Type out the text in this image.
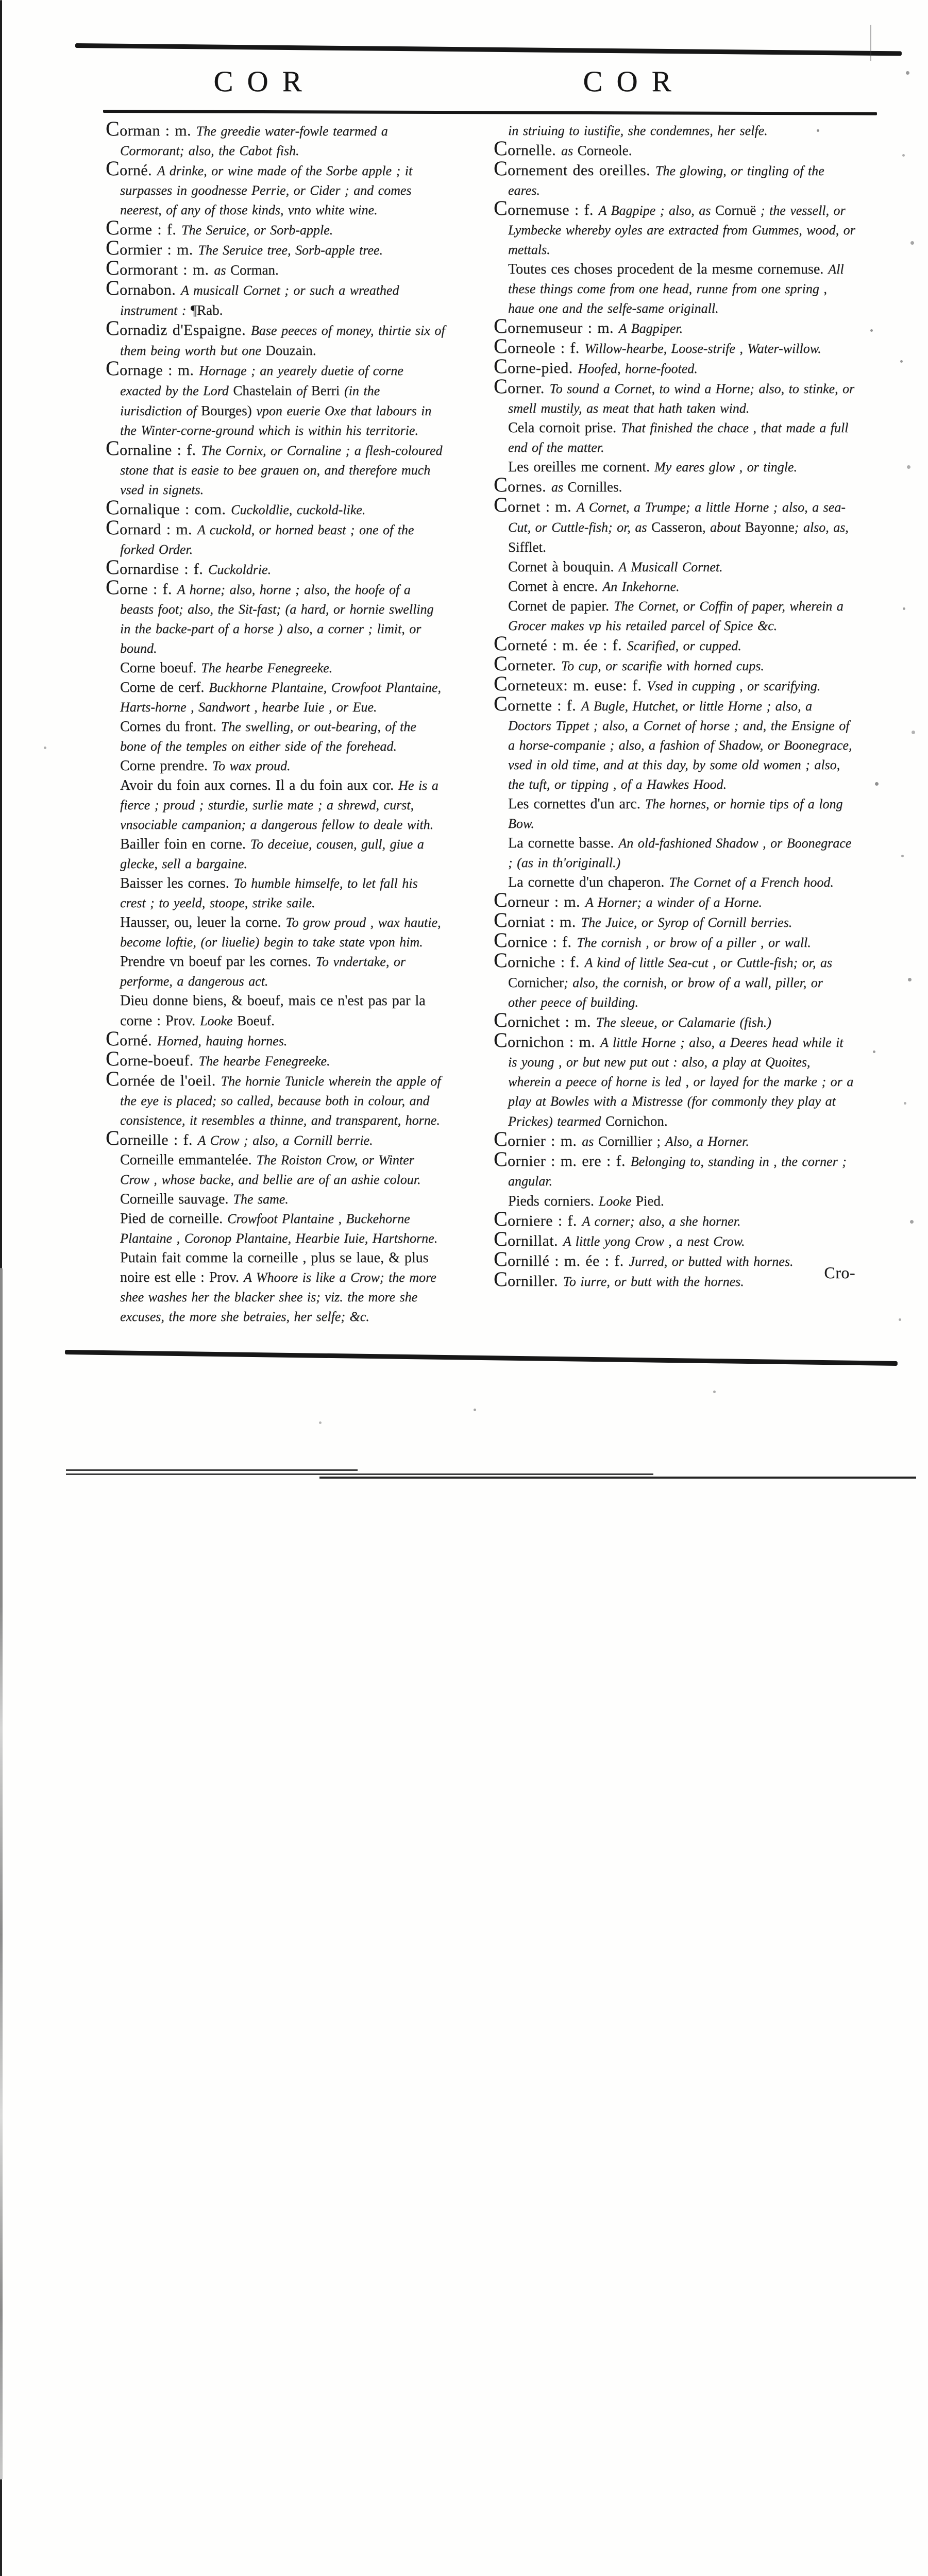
COR	COR

Corman : m. The greedie water-fowle tearmed a Cormorant; also, the Cabot fish.

Corné. A drinke, or wine made of the Sorbe apple ; it surpasses in goodnesse Perrie, or Cider ; and comes neerest, of any of those kinds, vnto white wine.

Corme : f. The Seruice, or Sorb-apple.

Cormier : m. The Seruice tree, Sorb-apple tree.

Cormorant : m. as Corman.

Cornabon. A musicall Cornet ; or such a wreathed instrument : ¶Rab.

Cornadiz d'Espaigne. Base peeces of money, thirtie six of them being worth but one Douzain.

Cornage : m. Hornage ; an yearely duetie of corne exacted by the Lord Chastelain of Berri (in the iurisdiction of Bourges) vpon euerie Oxe that labours in the Winter-corne-ground which is within his territorie.

Cornaline : f. The Cornix, or Cornaline ; a flesh-coloured stone that is easie to bee grauen on, and therefore much vsed in signets.

Cornalique : com. Cuckoldlie, cuckold-like.

Cornard : m. A cuckold, or horned beast ; one of the forked Order.

Cornardise : f. Cuckoldrie.

Corne : f. A horne; also, horne ; also, the hoofe of a beasts foot; also, the Sit-fast; (a hard, or hornie swelling in the backe-part of a horse ) also, a corner ; limit, or bound.

Corne boeuf. The hearbe Fenegreeke.

Corne de cerf. Buckhorne Plantaine, Crowfoot Plantaine, Harts-horne , Sandwort , hearbe Iuie , or Eue.

Cornes du front. The swelling, or out-bearing, of the bone of the temples on either side of the forehead.

Corne prendre. To wax proud.

Avoir du foin aux cornes. Il a du foin aux cor. He is a fierce ; proud ; sturdie, surlie mate ; a shrewd, curst, vnsociable campanion; a dangerous fellow to deale with.

Bailler foin en corne. To deceiue, cousen, gull, giue a glecke, sell a bargaine.

Baisser les cornes. To humble himselfe, to let fall his crest ; to yeeld, stoope, strike saile.

Hausser, ou, leuer la corne. To grow proud , wax hautie, become loftie, (or liuelie) begin to take state vpon him.

Prendre vn boeuf par les cornes. To vndertake, or performe, a dangerous act.

Dieu donne biens, & boeuf, mais ce n'est pas par la corne : Prov. Looke Boeuf.

Corné. Horned, hauing hornes.

Corne-boeuf. The hearbe Fenegreeke.

Cornée de l'oeil. The hornie Tunicle wherein the apple of the eye is placed; so called, because both in colour, and consistence, it resembles a thinne, and transparent, horne.

Corneille : f. A Crow ; also, a Cornill berrie.

Corneille emmantelée. The Roiston Crow, or Winter Crow , whose backe, and bellie are of an ashie colour.

Corneille sauvage. The same.

Pied de corneille. Crowfoot Plantaine , Buckehorne Plantaine , Coronop Plantaine, Hearbie Iuie, Hartshorne.

Putain fait comme la corneille , plus se laue, & plus noire est elle : Prov. A Whoore is like a Crow; the more shee washes her the blacker shee is; viz. the more she excuses, the more she betraies, her selfe; &c.

in striuing to iustifie, she condemnes, her selfe.

Cornelle. as Corneole.

Cornement des oreilles. The glowing, or tingling of the eares.

Cornemuse : f. A Bagpipe ; also, as Cornuë ; the vessell, or Lymbecke whereby oyles are extracted from Gummes, wood, or mettals.

Toutes ces choses procedent de la mesme cornemuse. All these things come from one head, runne from one spring , haue one and the selfe-same originall.

Cornemuseur : m. A Bagpiper.

Corneole : f. Willow-hearbe, Loose-strife , Water-willow.

Corne-pied. Hoofed, horne-footed.

Corner. To sound a Cornet, to wind a Horne; also, to stinke, or smell mustily, as meat that hath taken wind.

Cela cornoit prise. That finished the chace , that made a full end of the matter.

Les oreilles me cornent. My eares glow , or tingle.

Cornes. as Cornilles.

Cornet : m. A Cornet, a Trumpe; a little Horne ; also, a sea-Cut, or Cuttle-fish; or, as Casseron, about Bayonne; also, as, Sifflet.

Cornet à bouquin. A Musicall Cornet.

Cornet à encre. An Inkehorne.

Cornet de papier. The Cornet, or Coffin of paper, wherein a Grocer makes vp his retailed parcel of Spice &c.

Corneté : m. ée : f. Scarified, or cupped.

Corneter. To cup, or scarifie with horned cups.

Corneteux: m. euse: f. Vsed in cupping , or scarifying.

Cornette : f. A Bugle, Hutchet, or little Horne ; also, a Doctors Tippet ; also, a Cornet of horse ; and, the Ensigne of a horse-companie ; also, a fashion of Shadow, or Boonegrace, vsed in old time, and at this day, by some old women ; also, the tuft, or tipping , of a Hawkes Hood.

Les cornettes d'un arc. The hornes, or hornie tips of a long Bow.

La cornette basse. An old-fashioned Shadow , or Boonegrace ; (as in th'originall.)

La cornette d'un chaperon. The Cornet of a French hood.

Corneur : m. A Horner; a winder of a Horne.

Corniat : m. The Juice, or Syrop of Cornill berries.

Cornice : f. The cornish , or brow of a piller , or wall.

Corniche : f. A kind of little Sea-cut , or Cuttle-fish; or, as Cornicher; also, the cornish, or brow of a wall, piller, or other peece of building.

Cornichet : m. The sleeue, or Calamarie (fish.)

Cornichon : m. A little Horne ; also, a Deeres head while it is young , or but new put out : also, a play at Quoites, wherein a peece of horne is led , or layed for the marke ; or a play at Bowles with a Mistresse (for commonly they play at Prickes) tearmed Cornichon.

Cornier : m. as Cornillier ; Also, a Horner.

Cornier : m. ere : f. Belonging to, standing in , the corner ; angular.

Pieds corniers. Looke Pied.

Corniere : f. A corner; also, a she horner.

Cornillat. A little yong Crow , a nest Crow.

Cornillé : m. ée : f. Jurred, or butted with hornes.

Corniller. To iurre, or butt with the hornes.	Cro-
